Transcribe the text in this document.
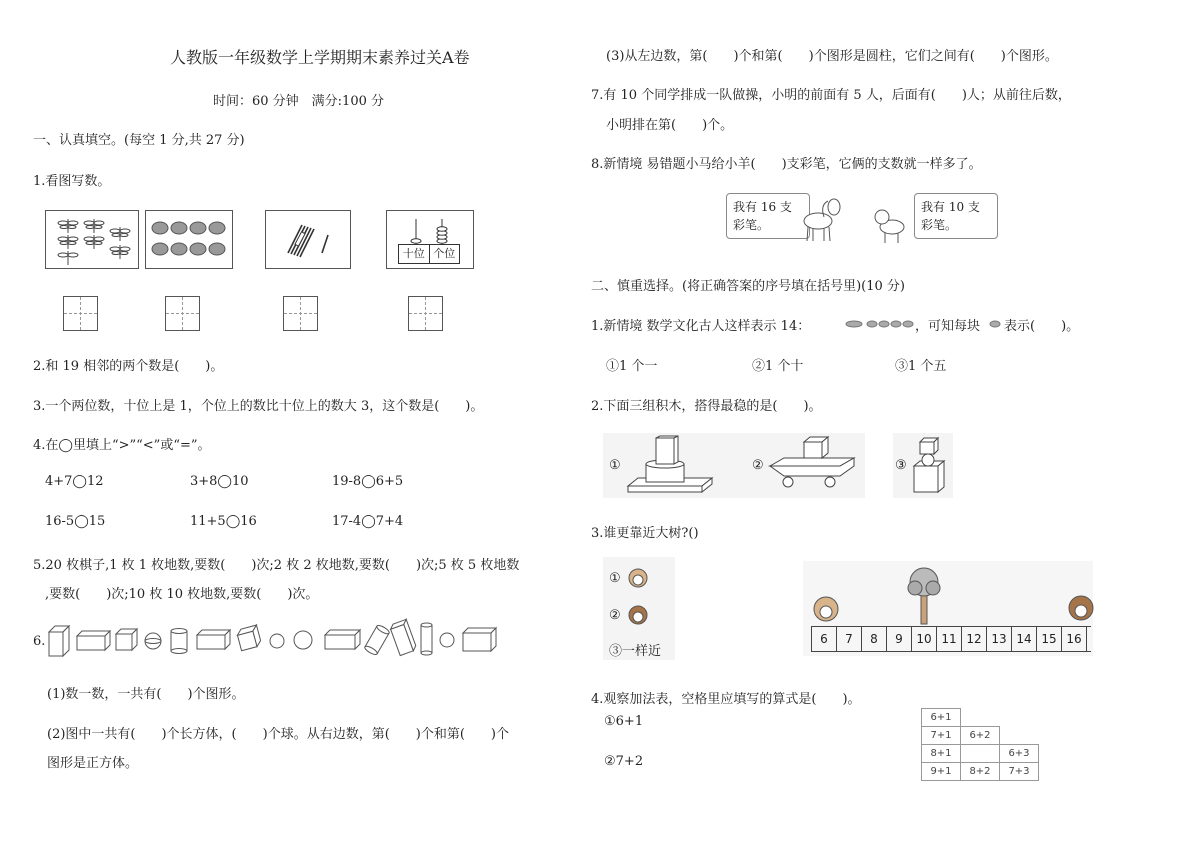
人教版一年级数学上学期期末素养过关A卷
时间：60 分钟　满分:100 分
一、认真填空。(每空 1 分,共 27 分)
1.看图写数。
十位 个位
2.和 19 相邻的两个数是(　　)。
3.一个两位数，十位上是 1，个位上的数比十位上的数大 3，这个数是(　　)。
4.在◯里填上“>”“<”或“=”。
4+7◯12	3+8◯10	19-8◯6+5
16-5◯15	11+5◯16	17-4◯7+4
5.20 枚棋子,1 枚 1 枚地数,要数(　　)次;2 枚 2 枚地数,要数(　　)次;5 枚 5 枚地数
,要数(　　)次;10 枚 10 枚地数,要数(　　)次。
6.
(1)数一数，一共有(　　)个图形。
(2)图中一共有(　　)个长方体，(　　)个球。从右边数，第(　　)个和第(　　)个
图形是正方体。
(3)从左边数，第(　　)个和第(　　)个图形是圆柱，它们之间有(　　)个图形。
7.有 10 个同学排成一队做操，小明的前面有 5 人，后面有(　　)人；从前往后数，
小明排在第(　　)个。
8.新情境 易错题小马给小羊(　　)支彩笔，它俩的支数就一样多了。
我有 16 支
彩笔。
我有 10 支
彩笔。
二、慎重选择。(将正确答案的序号填在括号里)(10 分)
1.新情境 数学文化古人这样表示 14：	，可知每块 表示(　　)。
①1 个一	②1 个十	③1 个五
2.下面三组积木，搭得最稳的是(　　)。
①	②	③
3.谁更靠近大树?()
①
②
③一样近
6	7	8	9	10 11 12 13 14 15 16
4.观察加法表，空格里应填写的算式是(　　)。
①6+1
②7+2
6+1		
7+1	6+2	
8+1		6+3
9+1	8+2	7+3
